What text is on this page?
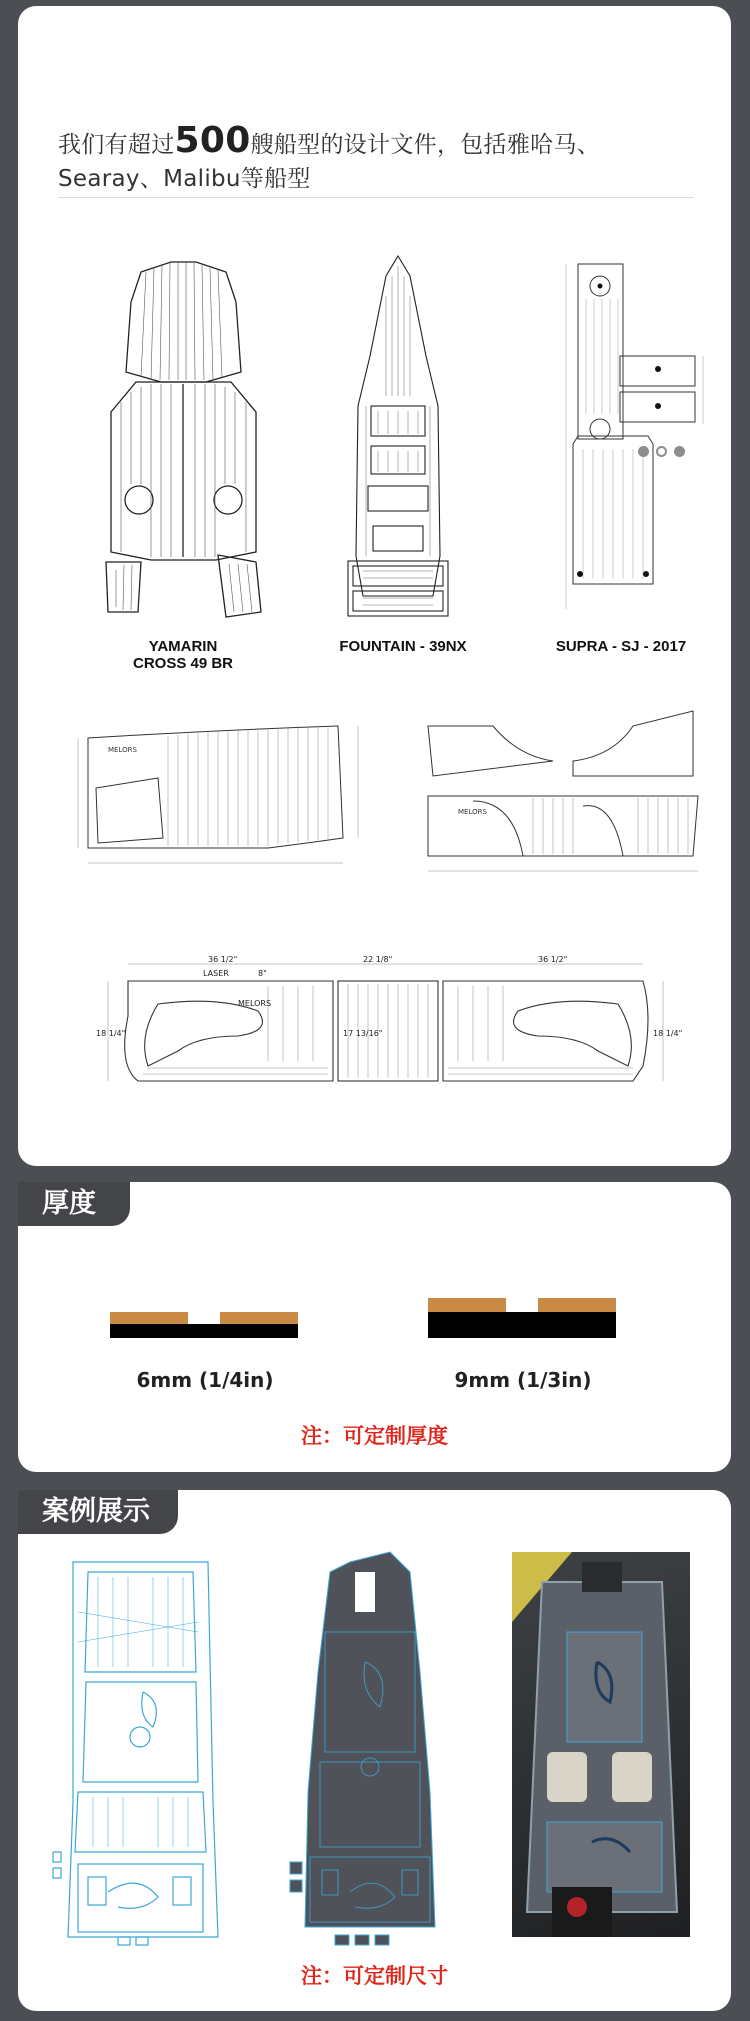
我们有超过500艘船型的设计文件，包括雅哈马、Searay、Malibu等船型
YAMARIN
CROSS 49 BR
FOUNTAIN - 39NX	SUPRA - SJ - 2017
MELORS
MELORS
36 1/2"	22 1/8"	36 1/2"
18 1/4"	17 13/16"	18 1/4"
LASER	8"
MELORS
厚度
6mm (1/4in)	9mm (1/3in)
注：可定制厚度
案例展示
注：可定制尺寸
